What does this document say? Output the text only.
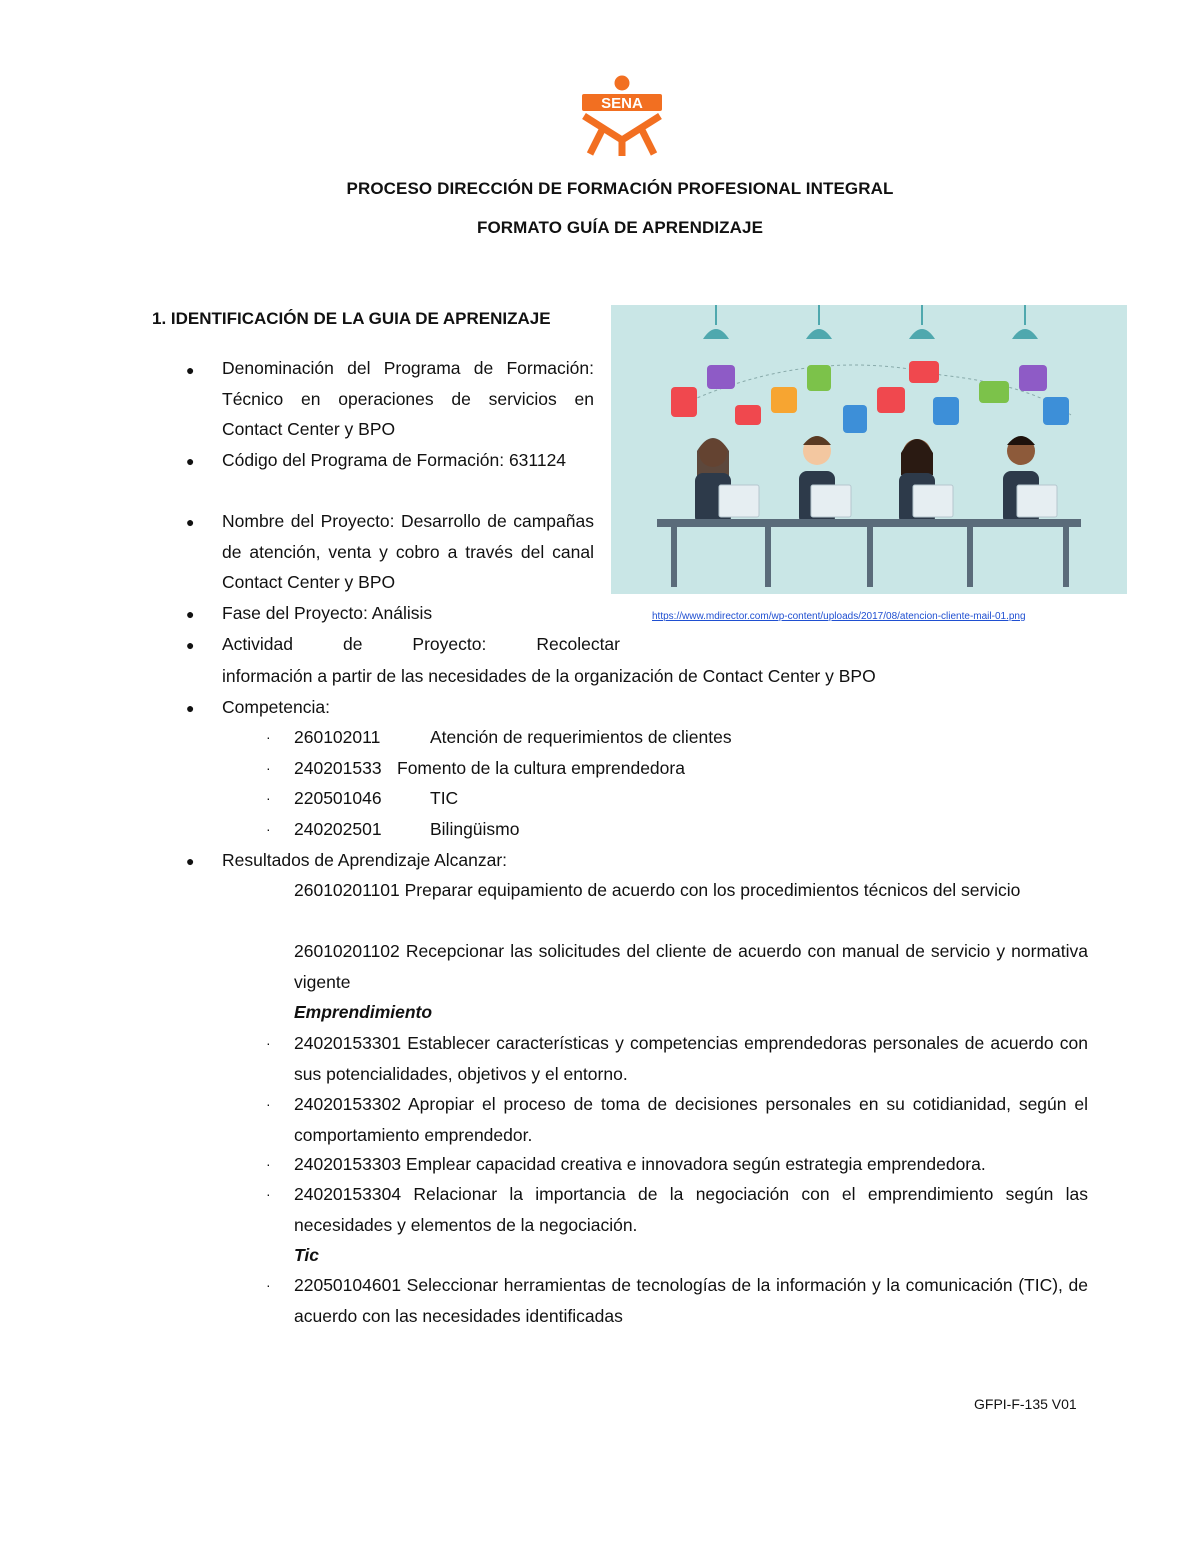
SENA
PROCESO DIRECCIÓN DE FORMACIÓN PROFESIONAL INTEGRAL
FORMATO GUÍA DE APRENDIZAJE
1. IDENTIFICACIÓN DE LA GUIA DE APRENIZAJE
● Denominación del Programa de Formación: Técnico en operaciones de servicios en Contact Center y BPO
● Código del Programa de Formación: 631124
● Nombre del Proyecto: Desarrollo de campañas de atención, venta y cobro a través del canal Contact Center y BPO
● Fase del Proyecto: Análisis
● Actividad de Proyecto: Recolectar
información a partir de las necesidades de la organización de Contact Center y BPO
● Competencia:
· 260102011	Atención de requerimientos de clientes
· 240201533 Fomento de la cultura emprendedora
· 220501046	TIC
· 240202501	Bilingüismo
● Resultados de Aprendizaje Alcanzar:
26010201101 Preparar equipamiento de acuerdo con los procedimientos técnicos del servicio
26010201102 Recepcionar las solicitudes del cliente de acuerdo con manual de servicio y normativa vigente
Emprendimiento
· 24020153301 Establecer características y competencias emprendedoras personales de acuerdo con sus potencialidades, objetivos y el entorno.
· 24020153302 Apropiar el proceso de toma de decisiones personales en su cotidianidad, según el comportamiento emprendedor.
· 24020153303 Emplear capacidad creativa e innovadora según estrategia emprendedora.
· 24020153304 Relacionar la importancia de la negociación con el emprendimiento según las necesidades y elementos de la negociación.
Tic
· 22050104601 Seleccionar herramientas de tecnologías de la información y la comunicación (TIC), de acuerdo con las necesidades identificadas
https://www.mdirector.com/wp-content/uploads/2017/08/atencion-cliente-mail-01.png
GFPI-F-135 V01
